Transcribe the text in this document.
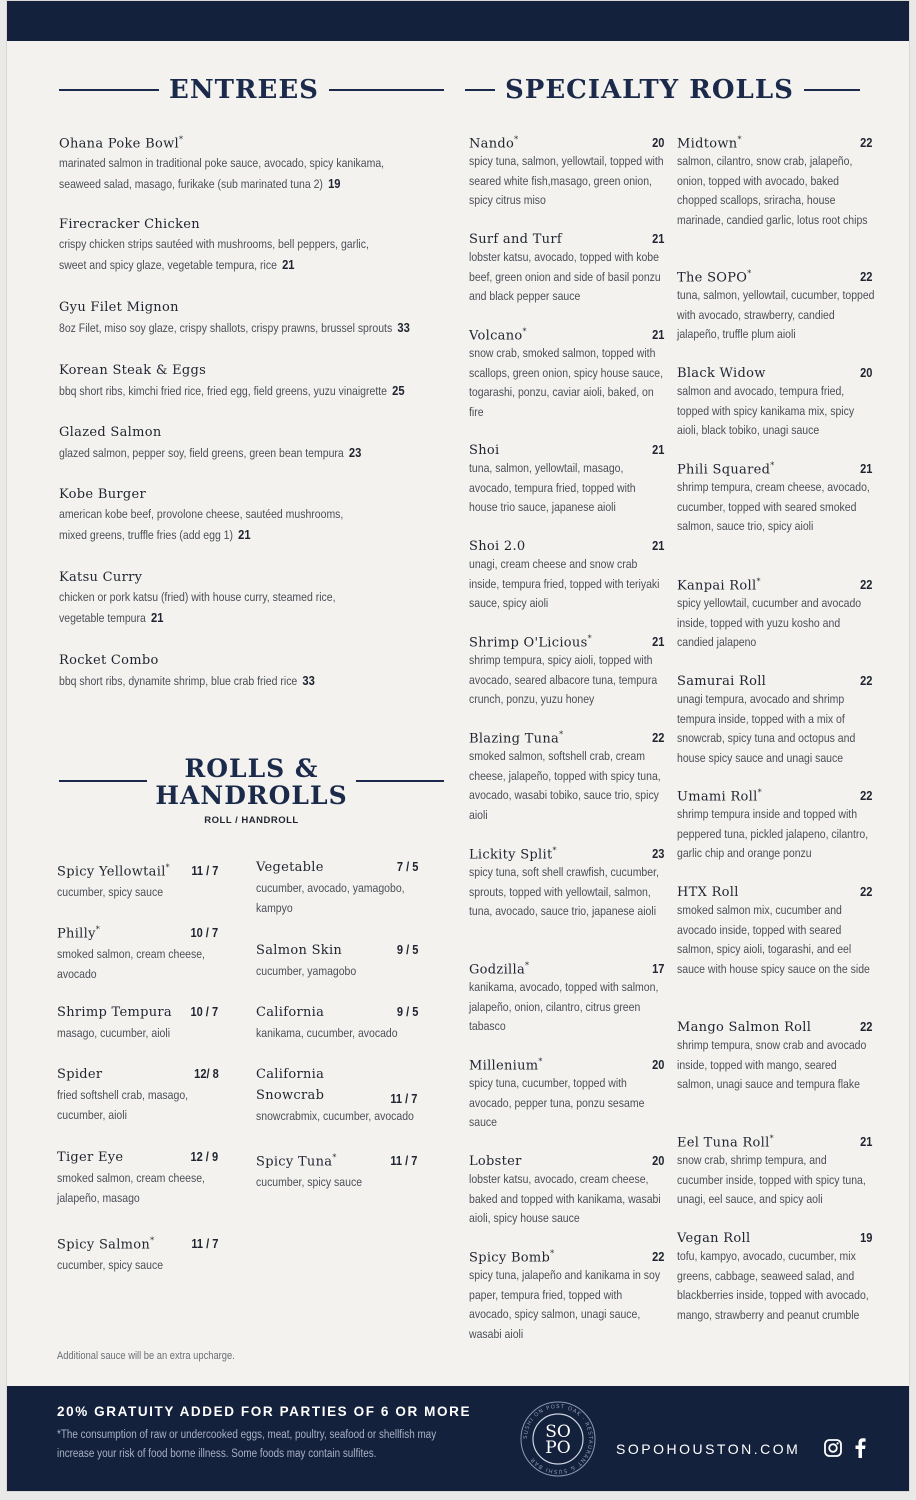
ENTREES	SPECIALTY ROLLS
Ohana Poke Bowl*
marinated salmon in traditional poke sauce, avocado, spicy kanikama,
seaweed salad, masago, furikake (sub marinated tuna 2) 19
Firecracker Chicken
crispy chicken strips sautéed with mushrooms, bell peppers, garlic,
sweet and spicy glaze, vegetable tempura, rice 21
Gyu Filet Mignon
8oz Filet, miso soy glaze, crispy shallots, crispy prawns, brussel sprouts 33
Korean Steak & Eggs
bbq short ribs, kimchi fried rice, fried egg, field greens, yuzu vinaigrette 25
Glazed Salmon
glazed salmon, pepper soy, field greens, green bean tempura 23
Kobe Burger
american kobe beef, provolone cheese, sautéed mushrooms,
mixed greens, truffle fries (add egg 1) 21
Katsu Curry
chicken or pork katsu (fried) with house curry, steamed rice,
vegetable tempura 21
Rocket Combo
bbq short ribs, dynamite shrimp, blue crab fried rice 33
ROLLS &
HANDROLLS
ROLL / HANDROLL
Nando*	20
spicy tuna, salmon, yellowtail, topped with seared white fish,masago, green onion, spicy citrus miso
Surf and Turf	21
lobster katsu, avocado, topped with kobe beef, green onion and side of basil ponzu and black pepper sauce
Volcano*	21
snow crab, smoked salmon, topped with scallops, green onion, spicy house sauce, togarashi, ponzu, caviar aioli, baked, on fire
Shoi	21
tuna, salmon, yellowtail, masago, avocado, tempura fried, topped with house trio sauce, japanese aioli
Shoi 2.0	21
unagi, cream cheese and snow crab inside, tempura fried, topped with teriyaki sauce, spicy aioli
Shrimp O'Licious*	21
shrimp tempura, spicy aioli, topped with avocado, seared albacore tuna, tempura crunch, ponzu, yuzu honey
Blazing Tuna*	22
smoked salmon, softshell crab, cream cheese, jalapeño, topped with spicy tuna, avocado, wasabi tobiko, sauce trio, spicy aioli
Lickity Split*	23
spicy tuna, soft shell crawfish, cucumber, sprouts, topped with yellowtail, salmon, tuna, avocado, sauce trio, japanese aioli
Godzilla*	17
kanikama, avocado, topped with salmon, jalapeño, onion, cilantro, citrus green tabasco
Millenium*	20
spicy tuna, cucumber, topped with avocado, pepper tuna, ponzu sesame sauce
Lobster	20
lobster katsu, avocado, cream cheese, baked and topped with kanikama, wasabi aioli, spicy house sauce
Spicy Bomb*	22
spicy tuna, jalapeño and kanikama in soy paper, tempura fried, topped with avocado, spicy salmon, unagi sauce, wasabi aioli
Midtown*	22
salmon, cilantro, snow crab, jalapeño, onion, topped with avocado, baked chopped scallops, sriracha, house marinade, candied garlic, lotus root chips
The SOPO*	22
tuna, salmon, yellowtail, cucumber, topped with avocado, strawberry, candied jalapeño, truffle plum aioli
Black Widow	20
salmon and avocado, tempura fried, topped with spicy kanikama mix, spicy aioli, black tobiko, unagi sauce
Phili Squared*	21
shrimp tempura, cream cheese, avocado, cucumber, topped with seared smoked salmon, sauce trio, spicy aioli
Kanpai Roll*	22
spicy yellowtail, cucumber and avocado inside, topped with yuzu kosho and candied jalapeno
Samurai Roll	22
unagi tempura, avocado and shrimp tempura inside, topped with a mix of snowcrab, spicy tuna and octopus and house spicy sauce and unagi sauce
Umami Roll*	22
shrimp tempura inside and topped with peppered tuna, pickled jalapeno, cilantro, garlic chip and orange ponzu
HTX Roll	22
smoked salmon mix, cucumber and avocado inside, topped with seared salmon, spicy aioli, togarashi, and eel sauce with house spicy sauce on the side
Mango Salmon Roll	22
shrimp tempura, snow crab and avocado inside, topped with mango, seared salmon, unagi sauce and tempura flake
Eel Tuna Roll*	21
snow crab, shrimp tempura, and cucumber inside, topped with spicy tuna, unagi, eel sauce, and spicy aoli
Vegan Roll	19
tofu, kampyo, avocado, cucumber, mix greens, cabbage, seaweed salad, and blackberries inside, topped with avocado, mango, strawberry and peanut crumble
Spicy Yellowtail* 11 / 7
cucumber, spicy sauce
Philly*	10 / 7
smoked salmon, cream cheese, avocado
Shrimp Tempura 10 / 7
masago, cucumber, aioli
Spider	12/ 8
fried softshell crab, masago, cucumber, aioli
Tiger Eye	12 / 9
smoked salmon, cream cheese, jalapeño, masago
Spicy Salmon*	11 / 7
cucumber, spicy sauce
Vegetable	7 / 5
cucumber, avocado, yamagobo, kampyo
Salmon Skin	9 / 5
cucumber, yamagobo
California	9 / 5
kanikama, cucumber, avocado
California Snowcrab	11 / 7
snowcrabmix, cucumber, avocado
Spicy Tuna*	11 / 7
cucumber, spicy sauce
Additional sauce will be an extra upcharge.
20% GRATUITY ADDED FOR PARTIES OF 6 OR MORE
*The consumption of raw or undercooked eggs, meat, poultry, seafood or shellfish may increase your risk of food borne illness. Some foods may contain sulfites.
SUSHI ON POST OAK · RESTAURANT & SUSHI BAR
SO
PO	SOPOHOUSTON.COM
